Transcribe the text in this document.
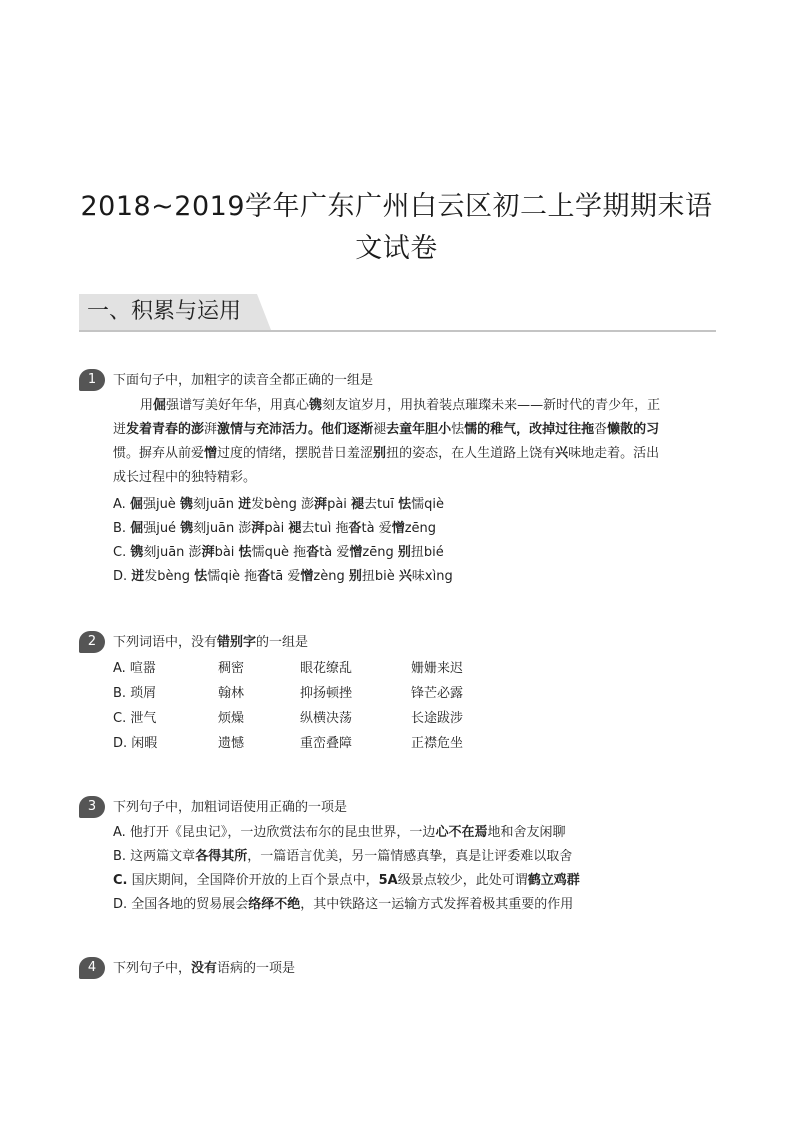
2018~2019学年广东广州白云区初二上学期期末语
文试卷
一、积累与运用
1	下面句子中，加粗字的读音全都正确的一组是
用倔强谱写美好年华，用真心镌刻友谊岁月，用执着装点璀璨未来——新时代的青少年，正
迸发着青春的澎湃激情与充沛活力。他们逐渐褪去童年胆小怯懦的稚气，改掉过往拖沓懒散的习
惯。摒弃从前爱憎过度的情绪，摆脱昔日羞涩别扭的姿态，在人生道路上饶有兴味地走着。活出
成长过程中的独特精彩。
A. 倔强juè 镌刻juān 迸发bèng 澎湃pài 褪去tuī 怯懦qiè
B. 倔强jué 镌刻juān 澎湃pài 褪去tuì 拖沓tà 爱憎zēng
C. 镌刻juān 澎湃bài 怯懦què 拖沓tà 爱憎zēng 别扭bié
D. 迸发bèng 怯懦qiè 拖沓tā 爱憎zèng 别扭biè 兴味xìng
2	下列词语中，没有错别字的一组是
A. 喧嚣	稠密	眼花缭乱	姗姗来迟
B. 琐屑	翰林	抑扬顿挫	锋芒必露
C. 泄气	烦燥	纵横决荡	长途跋涉
D. 闲暇	遗憾	重峦叠障	正襟危坐
3	下列句子中，加粗词语使用正确的一项是
A. 他打开《昆虫记》，一边欣赏法布尔的昆虫世界，一边心不在焉地和舍友闲聊
B. 这两篇文章各得其所，一篇语言优美，另一篇情感真挚，真是让评委难以取舍
C. 国庆期间，全国降价开放的上百个景点中，5A级景点较少，此处可谓鹤立鸡群
D. 全国各地的贸易展会络绎不绝，其中铁路这一运输方式发挥着极其重要的作用
4	下列句子中，没有语病的一项是
